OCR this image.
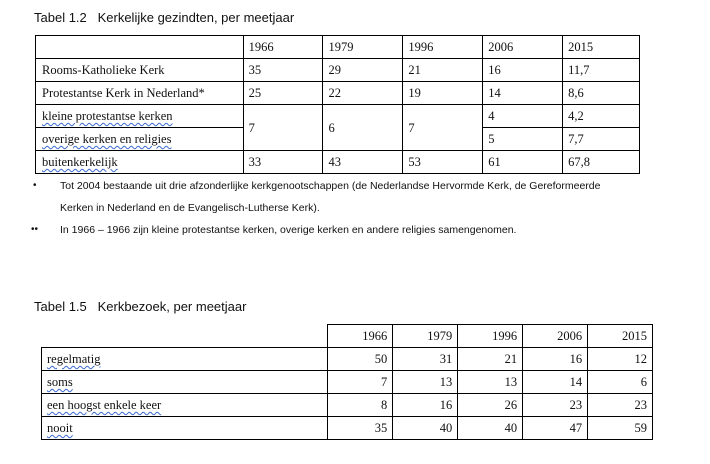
Tabel 1.2   Kerkelijke gezindten, per meetjaar
	1966	1979	1996	2006	2015
Rooms-Katholieke Kerk	35	29	21	16	11,7
Protestantse Kerk in Nederland*	25	22	19	14	8,6
kleine protestantse kerken	7	6	7	4	4,2
overige kerken en religies				5	7,7
buitenkerkelijk	33	43	53	61	67,8
• Tot 2004 bestaande uit drie afzonderlijke kerkgenootschappen (de Nederlandse Hervormde Kerk, de Gereformeerde
Kerken in Nederland en de Evangelisch-Lutherse Kerk).
•• In 1966 – 1966 zijn kleine protestantse kerken, overige kerken en andere religies samengenomen.
Tabel 1.5   Kerkbezoek, per meetjaar
	1966	1979	1996	2006	2015
regelmatig	50	31	21	16	12
soms	7	13	13	14	6
een hoogst enkele keer	8	16	26	23	23
nooit	35	40	40	47	59
